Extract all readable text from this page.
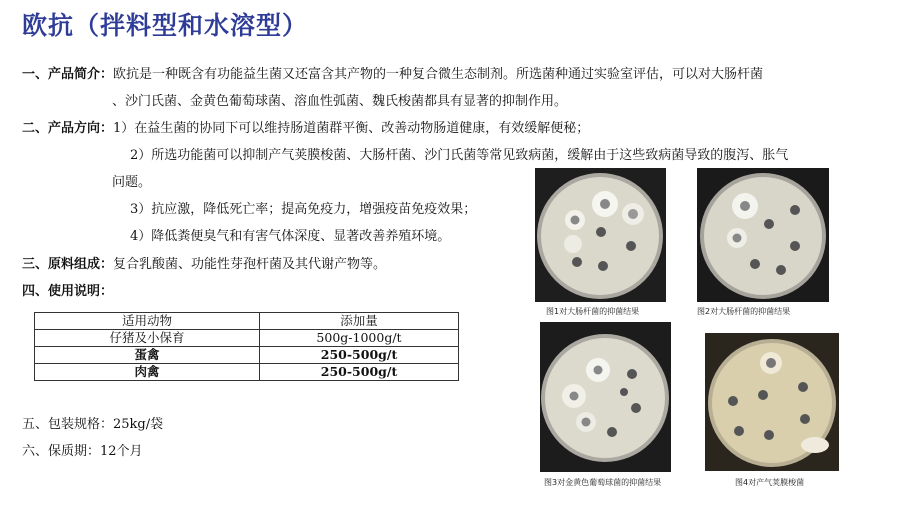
欧抗（拌料型和水溶型）
一、产品简介：欧抗是一种既含有功能益生菌又还富含其产物的一种复合微生态制剂。所选菌种通过实验室评估，可以对大肠杆菌
、沙门氏菌、金黄色葡萄球菌、溶血性弧菌、魏氏梭菌都具有显著的抑制作用。
二、产品方向：1）在益生菌的协同下可以维持肠道菌群平衡、改善动物肠道健康，有效缓解便秘；
2）所选功能菌可以抑制产气荚膜梭菌、大肠杆菌、沙门氏菌等常见致病菌，缓解由于这些致病菌导致的腹泻、胀气
问题。
3）抗应激，降低死亡率；提高免疫力，增强疫苗免疫效果；
4）降低粪便臭气和有害气体深度、显著改善养殖环境。
三、原料组成：复合乳酸菌、功能性芽孢杆菌及其代谢产物等。
四、使用说明：
适用动物	添加量
仔猪及小保育	500g-1000g/t
蛋禽	250-500g/t
肉禽	250-500g/t
五、包装规格：25kg/袋
六、保质期：12个月
图1对大肠杆菌的抑菌结果	图2对大肠杆菌的抑菌结果
图3对金黄色葡萄球菌的抑菌结果	图4对产气荚膜梭菌
